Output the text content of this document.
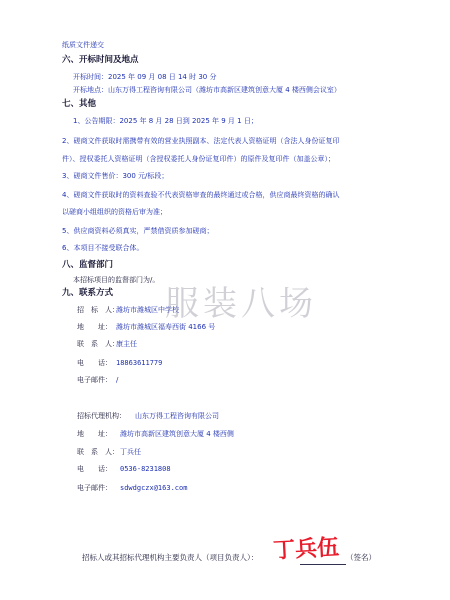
纸质文件递交
六、开标时间及地点
开标时间：2025 年 09 月 08 日 14 时 30 分
开标地点：山东万得工程咨询有限公司（潍坊市高新区建筑创意大厦 4 楼西侧会议室）
七、其他
1、公告期限：2025 年 8 月 28 日到 2025 年 9 月 1 日；
2、磋商文件获取时需携带有效的营业执照副本、法定代表人资格证明（含法人身份证复印
件）、授权委托人资格证明（含授权委托人身份证复印件）的原件及复印件（加盖公章）；
3、磋商文件售价：300 元/标段；
4、磋商文件获取时的资料查验不代表资格审查的最终通过或合格，供应商最终资格的确认
以磋商小组组织的资格后审为准；
5、供应商资料必须真实，严禁借资质参加磋商；
6、本项目不接受联合体。
八、监督部门
本招标项目的监督部门为/。
九、联系方式
招　标　人：
潍坊市潍城区中学校
地　　址： 潍坊市潍城区福寿西街 4166 号
联　系　人：
康主任
电　　话： 18863611779
电子邮件： /
招标代理机构： 山东万得工程咨询有限公司
地　　址： 潍坊市高新区建筑创意大厦 4 楼西侧
联　系　人： 丁兵任
电　　话： 0536-8231808
电子邮件： sdwdgczx@163.com
服装八场
招标人或其招标代理机构主要负责人（项目负责人）： 丁兵伍 （签名）
